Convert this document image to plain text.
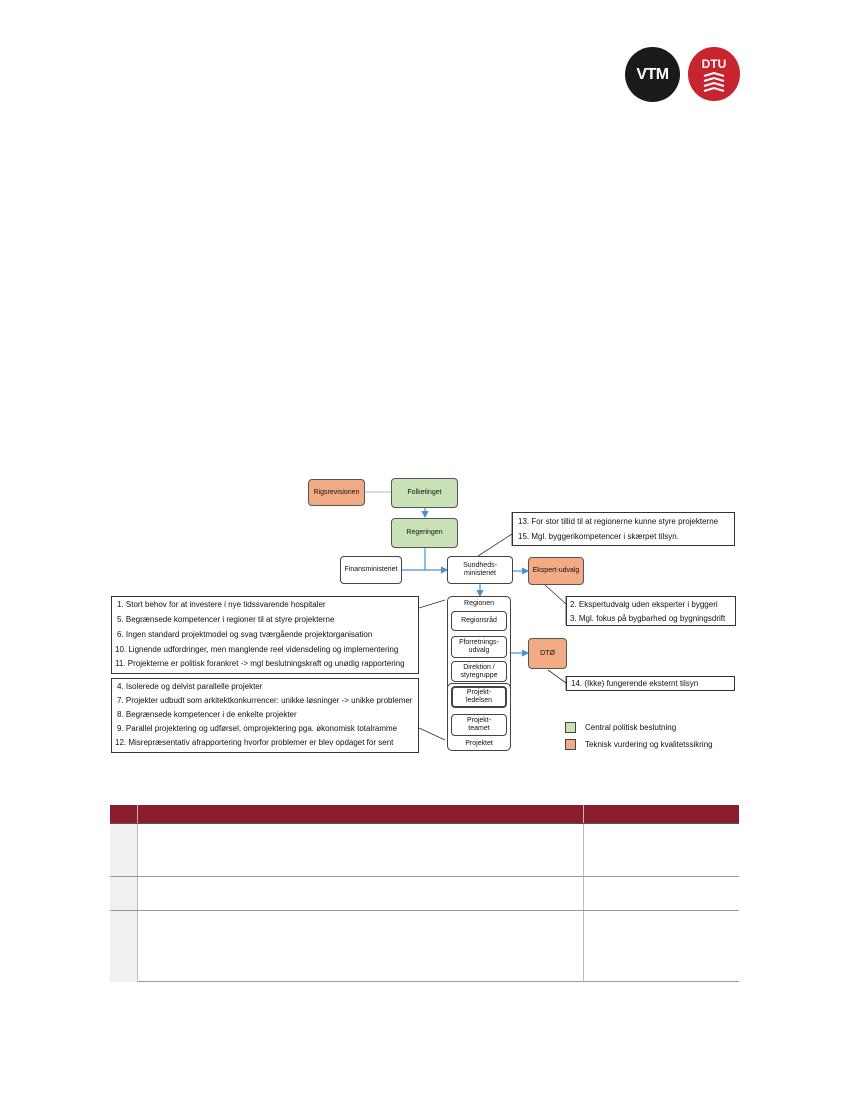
VTM
DTU
Rigsrevisionen	Folketinget
Regeringen
Finansministeriet
Sundheds-
ministeriet	Ekspert-udvalg
Regionen
Regionsråd
Fforretnings-
udvalg
Direktion /
styregruppe
Projektet
Projekt-
ledelsen
Projekt-
teamet
DTØ
13. For stor tillid til at regionerne kunne styre projekterne
15. Mgl. byggerikompetencer i skærpet tilsyn.
2. Ekspertudvalg uden eksperter i byggeri
3. Mgl. fokus på bygbarhed og bygningsdrift
14. (Ikke) fungerende eksternt tilsyn
1. Stort behov for at investere i nye tidssvarende hospitaler
5. Begrænsede kompetencer i regioner til at styre projekterne
6. Ingen standard projektmodel og svag tværgående projektorganisation
10. Lignende udfordringer, men manglende reel vidensdeling og implementering
11. Projekterne er politisk forankret -> mgl beslutningskraft og unødig rapportering
4. Isolerede og delvist parallelle projekter
7. Projekter udbudt som arkitektkonkurrencer: unikke løsninger -> unikke problemer
8. Begrænsede kompetencer i de enkelte projekter
9. Parallel projektering og udførsel, omprojektering pga. økonomisk totalramme
12. Misrepræsentativ afrapportering hvorfor problemer er blev opdaget for sent
Central politisk beslutning
Teknisk vurdering og kvalitetssikring
